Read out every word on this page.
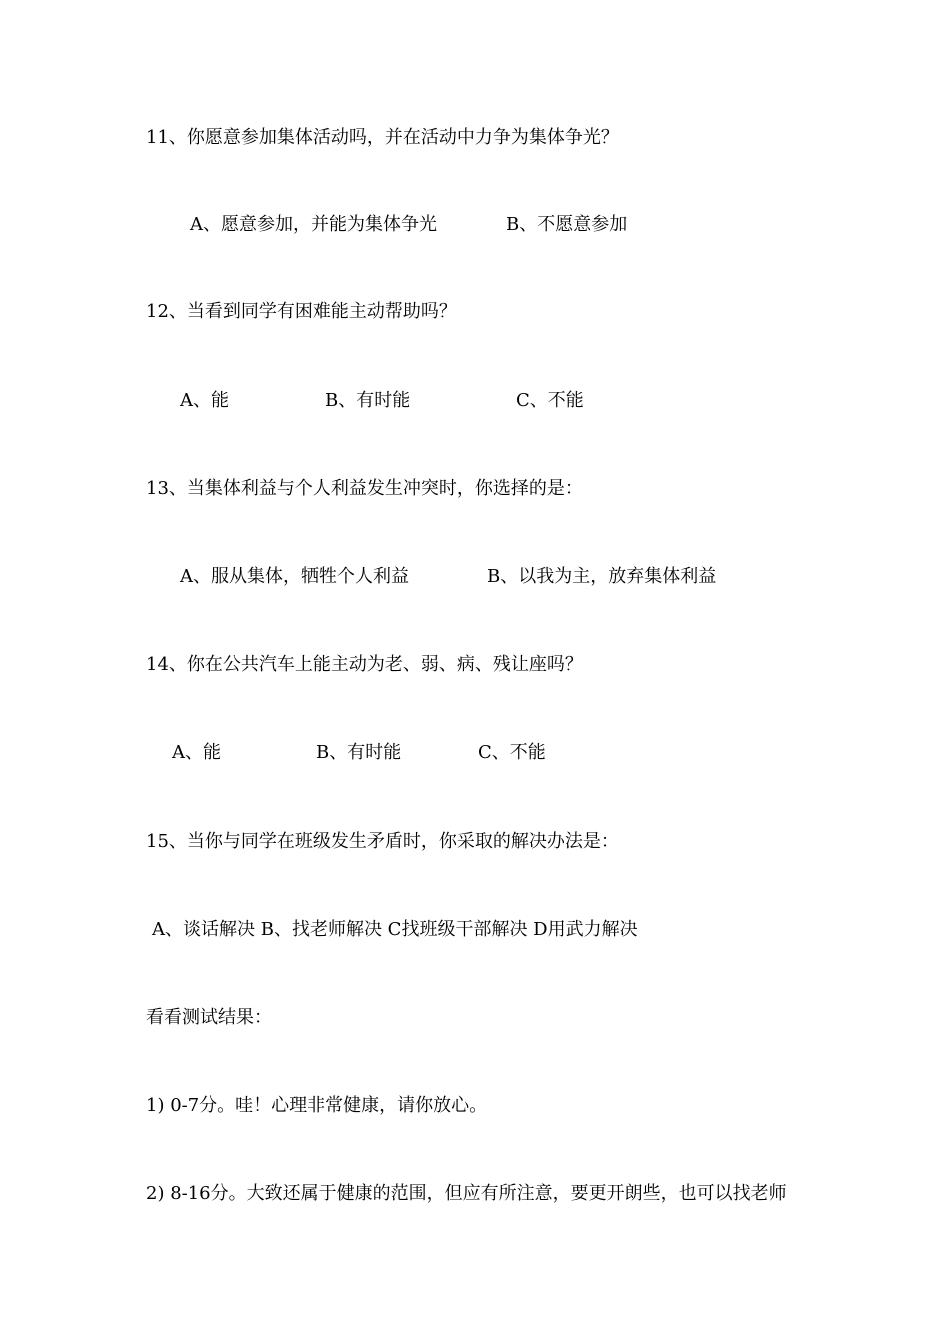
11、你愿意参加集体活动吗，并在活动中力争为集体争光？
A、愿意参加，并能为集体争光	B、不愿意参加
12、当看到同学有困难能主动帮助吗？
A、能	B、有时能	C、不能
13、当集体利益与个人利益发生冲突时，你选择的是：
A、服从集体，牺牲个人利益	B、以我为主，放弃集体利益
14、你在公共汽车上能主动为老、弱、病、残让座吗？
A、能	B、有时能	C、不能
15、当你与同学在班级发生矛盾时，你采取的解决办法是：
A、谈话解决 B、找老师解决 C找班级干部解决 D用武力解决
看看测试结果：
1) 0-7分。哇！心理非常健康，请你放心。
2) 8-16分。大致还属于健康的范围，但应有所注意，要更开朗些，也可以找老师
